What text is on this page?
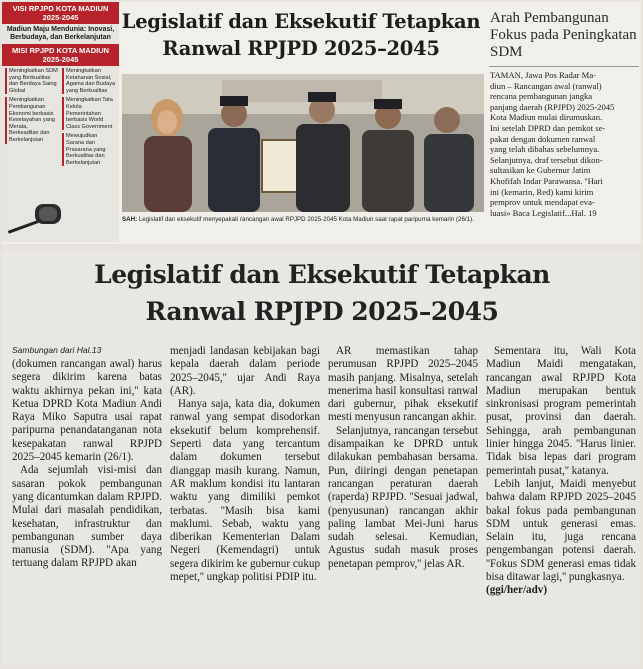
VISI RPJPD KOTA MADIUN 2025-2045
Madiun Maju Mendunia: Inovasi, Berbudaya, dan Berkelanjutan
MISI RPJPD KOTA MADIUN 2025-2045
Meningkatkan SDM yang Berkualitas dan Berdaya Saing Global
Meningkatkan Pembangunan Ekonomi berbasis Keselayahan yang Merata, Berkeadilan dan Berkelanjutan
Meningkatkan Ketahanan Sosial, Agama dan Budaya yang Berkualitas
Meningkatkan Tata Kelola Pemerintahan berbasis World Class Government
Mewujudkan Sarana dan Prasarana yang Berkualitas dan Berkelanjutan
Legislatif dan Eksekutif Tetapkan
Ranwal RPJPD 2025–2045
Arah Pembangunan Fokus pada Peningkatan SDM
TAMAN, Jawa Pos Radar Ma-
diun – Rancangan awal (ranwal)
rencana pembangunan jangka
panjang daerah (RPJPD) 2025-2045
Kota Madiun mulai dirumuskan.
Ini setelah DPRD dan pemkot se-
pakat dengan dokumen ranwal
yang telah dibahas sebelumnya.
Selanjutnya, draf tersebut dikon-
sultasikan ke Gubernur Jatim
Khofifah Indar Parawansa. ''Hari
ini (kemarin, Red) kami kirim
pemprov untuk mendapat eva-
luasi» Baca Legislatif...Hal. 19
SAH: Legislatif dan eksekutif menyepakati rancangan awal RPJPD 2025-2045 Kota Madiun saat rapat paripurna kemarin (26/1).
Legislatif dan Eksekutif Tetapkan
Ranwal RPJPD 2025–2045
Sambungan dari Hal.13

(dokumen rancangan awal) harus segera dikirim karena batas waktu akhirnya pekan ini,'' kata Ketua DPRD Kota Madiun Andi Raya Miko Saputra usai rapat paripurna penandatanganan nota kesepakatan ranwal RPJPD 2025–2045 kemarin (26/1).

Ada sejumlah visi-misi dan sasaran pokok pembangunan yang dicantumkan dalam RPJPD. Mulai dari masalah pendidikan, kesehatan, infrastruktur dan pembangunan sumber daya manusia (SDM). ''Apa yang tertuang dalam RPJPD akan

menjadi landasan kebijakan bagi kepala daerah dalam periode 2025–2045,'' ujar Andi Raya (AR).

Hanya saja, kata dia, dokumen ranwal yang sempat disodorkan eksekutif belum komprehensif. Seperti data yang tercantum dalam dokumen tersebut dianggap masih kurang. Namun, AR maklum kondisi itu lantaran waktu yang dimiliki pemkot terbatas. ''Masih bisa kami maklumi. Sebab, waktu yang diberikan Kementerian Dalam Negeri (Kemendagri) untuk segera dikirim ke gubernur cukup mepet,'' ungkap politisi PDIP itu.

AR memastikan tahap perumusan RPJPD 2025–2045 masih panjang. Misalnya, setelah menerima hasil konsultasi ranwal dari gubernur, pihak eksekutif mesti menyusun rancangan akhir.

Selanjutnya, rancangan tersebut disampaikan ke DPRD untuk dilakukan pembahasan bersama. Pun, diiringi dengan penetapan rancangan peraturan daerah (raperda) RPJPD. ''Sesuai jadwal, (penyusunan) rancangan akhir paling lambat Mei-Juni harus sudah selesai. Kemudian, Agustus sudah masuk proses penetapan pemprov,'' jelas AR.

Sementara itu, Wali Kota Madiun Maidi mengatakan, rancangan awal RPJPD Kota Madiun merupakan bentuk sinkronisasi program pemerintah pusat, provinsi dan daerah. Sehingga, arah pembangunan linier hingga 2045. ''Harus linier. Tidak bisa lepas dari program pemerintah pusat,'' katanya.

Lebih lanjut, Maidi menyebut bahwa dalam RPJPD 2025–2045 bakal fokus pada pembangunan SDM untuk generasi emas. Selain itu, juga rencana pengembangan potensi daerah. ''Fokus SDM generasi emas tidak bisa ditawar lagi,'' pungkasnya.

(ggi/her/adv)
